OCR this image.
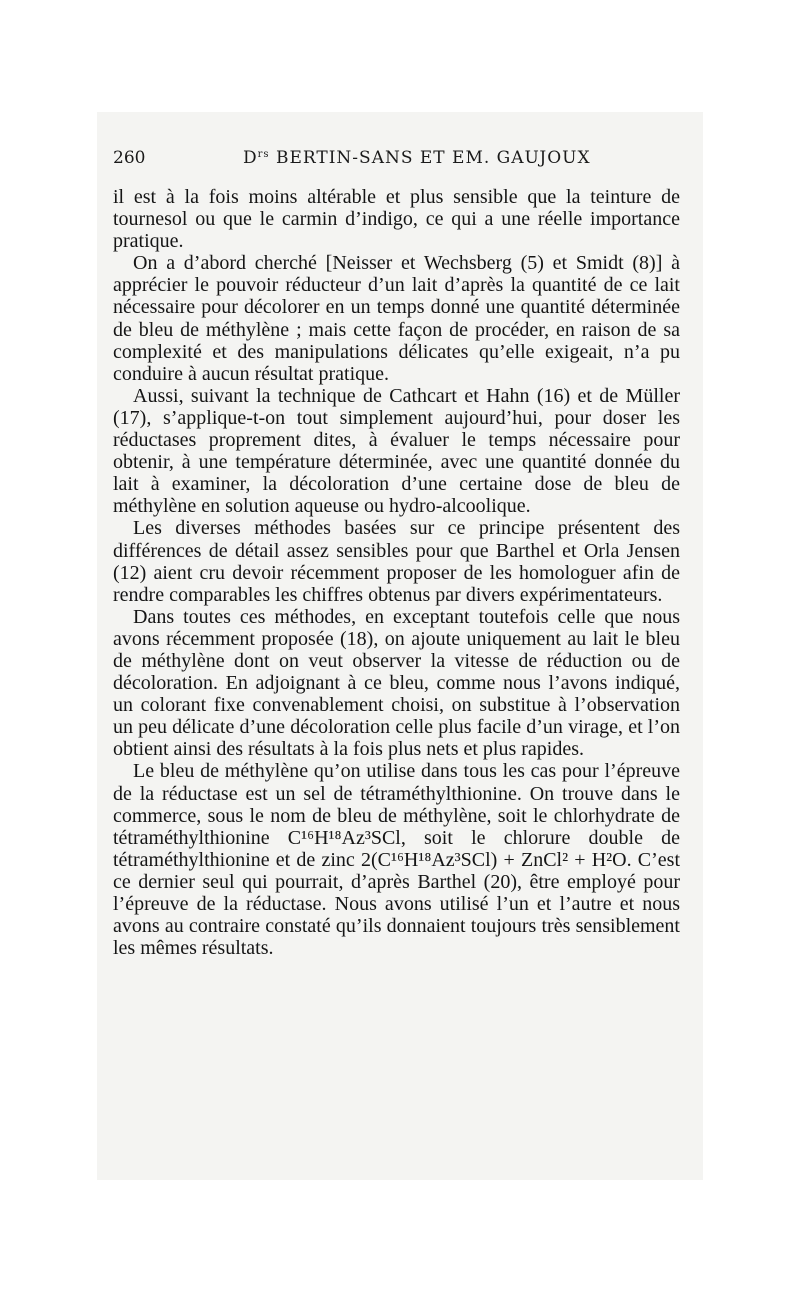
260	$D^{rs}$ BERTIN-SANS ET EM. GAUJOUX

il est à la fois moins altérable et plus sensible que la teinture de tournesol ou que le carmin d’indigo, ce qui a une réelle importance pratique.

On a d’abord cherché [Neisser et Wechsberg (5) et Smidt (8)] à apprécier le pouvoir réducteur d’un lait d’après la quantité de ce lait nécessaire pour décolorer en un temps donné une quantité déterminée de bleu de méthylène ; mais cette façon de procéder, en raison de sa complexité et des manipulations délicates qu’elle exigeait, n’a pu conduire à aucun résultat pratique.

Aussi, suivant la technique de Cathcart et Hahn (16) et de Müller (17), s’applique-t-on tout simplement aujourd’hui, pour doser les réductases proprement dites, à évaluer le temps nécessaire pour obtenir, à une température déterminée, avec une quantité donnée du lait à examiner, la décoloration d’une certaine dose de bleu de méthylène en solution aqueuse ou hydro-alcoolique.

Les diverses méthodes basées sur ce principe présentent des différences de détail assez sensibles pour que Barthel et Orla Jensen (12) aient cru devoir récemment proposer de les homologuer afin de rendre comparables les chiffres obtenus par divers expérimentateurs.

Dans toutes ces méthodes, en exceptant toutefois celle que nous avons récemment proposée (18), on ajoute uniquement au lait le bleu de méthylène dont on veut observer la vitesse de réduction ou de décoloration. En adjoignant à ce bleu, comme nous l’avons indiqué, un colorant fixe convenablement choisi, on substitue à l’observation un peu délicate d’une décoloration celle plus facile d’un virage, et l’on obtient ainsi des résultats à la fois plus nets et plus rapides.

Le bleu de méthylène qu’on utilise dans tous les cas pour l’épreuve de la réductase est un sel de tétraméthylthionine. On trouve dans le commerce, sous le nom de bleu de méthylène, soit le chlorhydrate de tétraméthylthionine C¹⁶H¹⁸Az³SCl, soit le chlorure double de tétraméthylthionine et de zinc 2(C¹⁶H¹⁸Az³SCl) + ZnCl² + H²O. C’est ce dernier seul qui pourrait, d’après Barthel (20), être employé pour l’épreuve de la réductase. Nous avons utilisé l’un et l’autre et nous avons au contraire constaté qu’ils donnaient toujours très sensiblement les mêmes résultats.
